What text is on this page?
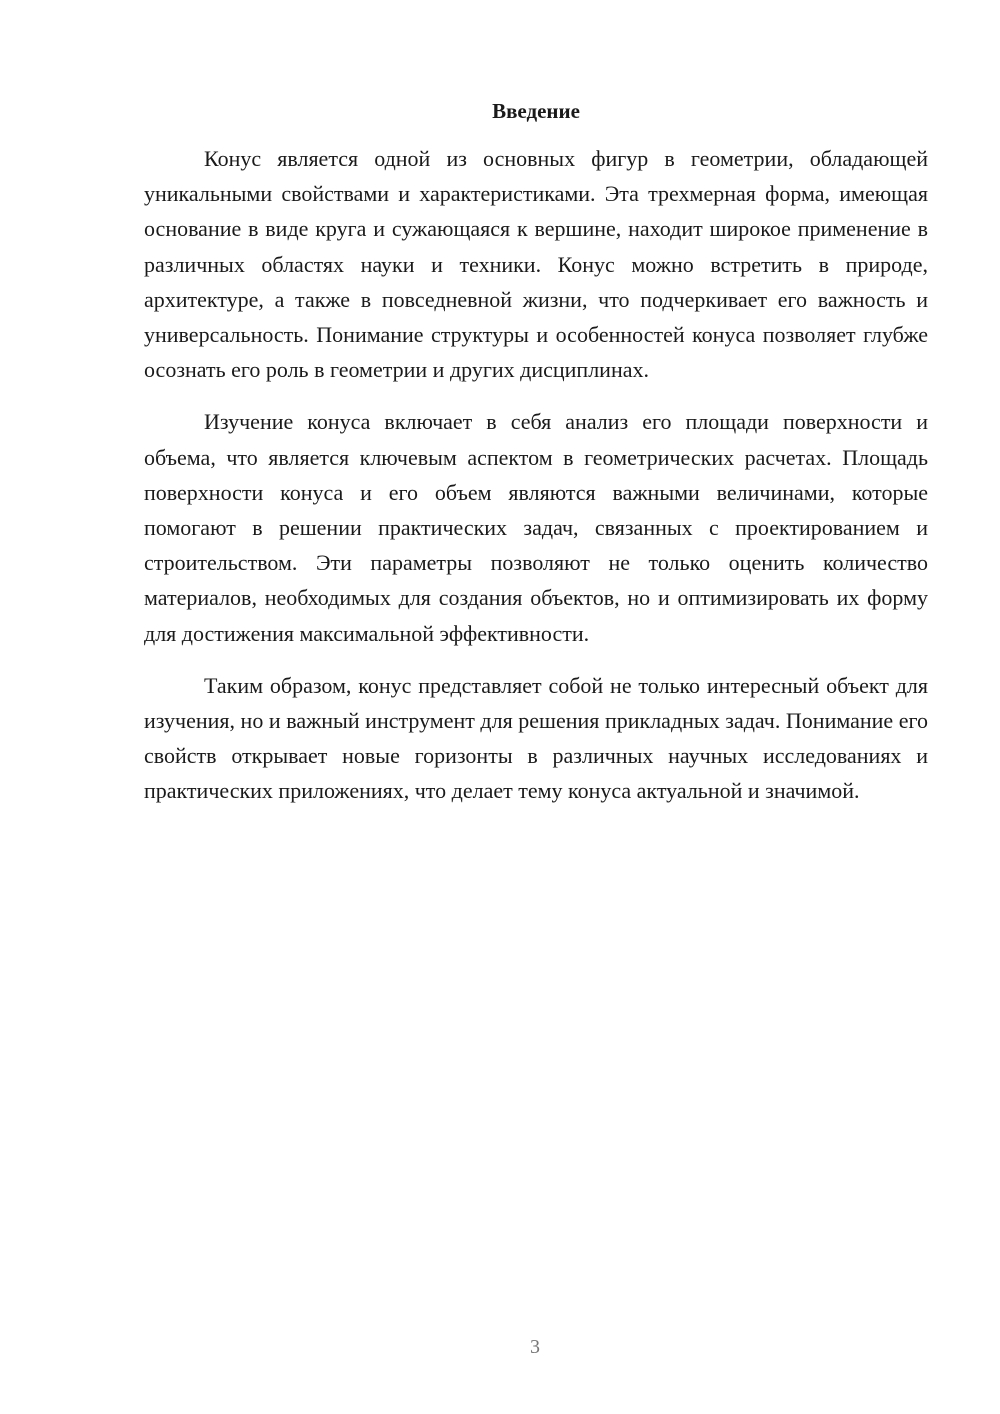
Введение

Конус является одной из основных фигур в геометрии, обладающей уникальными свойствами и характеристиками. Эта трехмерная форма, имеющая основание в виде круга и сужающаяся к вершине, находит широкое применение в различных областях науки и техники. Конус можно встретить в природе, архитектуре, а также в повседневной жизни, что подчеркивает его важность и универсальность. Понимание структуры и особенностей конуса позволяет глубже осознать его роль в геометрии и других дисциплинах.

Изучение конуса включает в себя анализ его площади поверхности и объема, что является ключевым аспектом в геометрических расчетах. Площадь поверхности конуса и его объем являются важными величинами, которые помогают в решении практических задач, связанных с проектированием и строительством. Эти параметры позволяют не только оценить количество материалов, необходимых для создания объектов, но и оптимизировать их форму для достижения максимальной эффективности.

Таким образом, конус представляет собой не только интересный объект для изучения, но и важный инструмент для решения прикладных задач. Понимание его свойств открывает новые горизонты в различных научных исследованиях и практических приложениях, что делает тему конуса актуальной и значимой.

3
